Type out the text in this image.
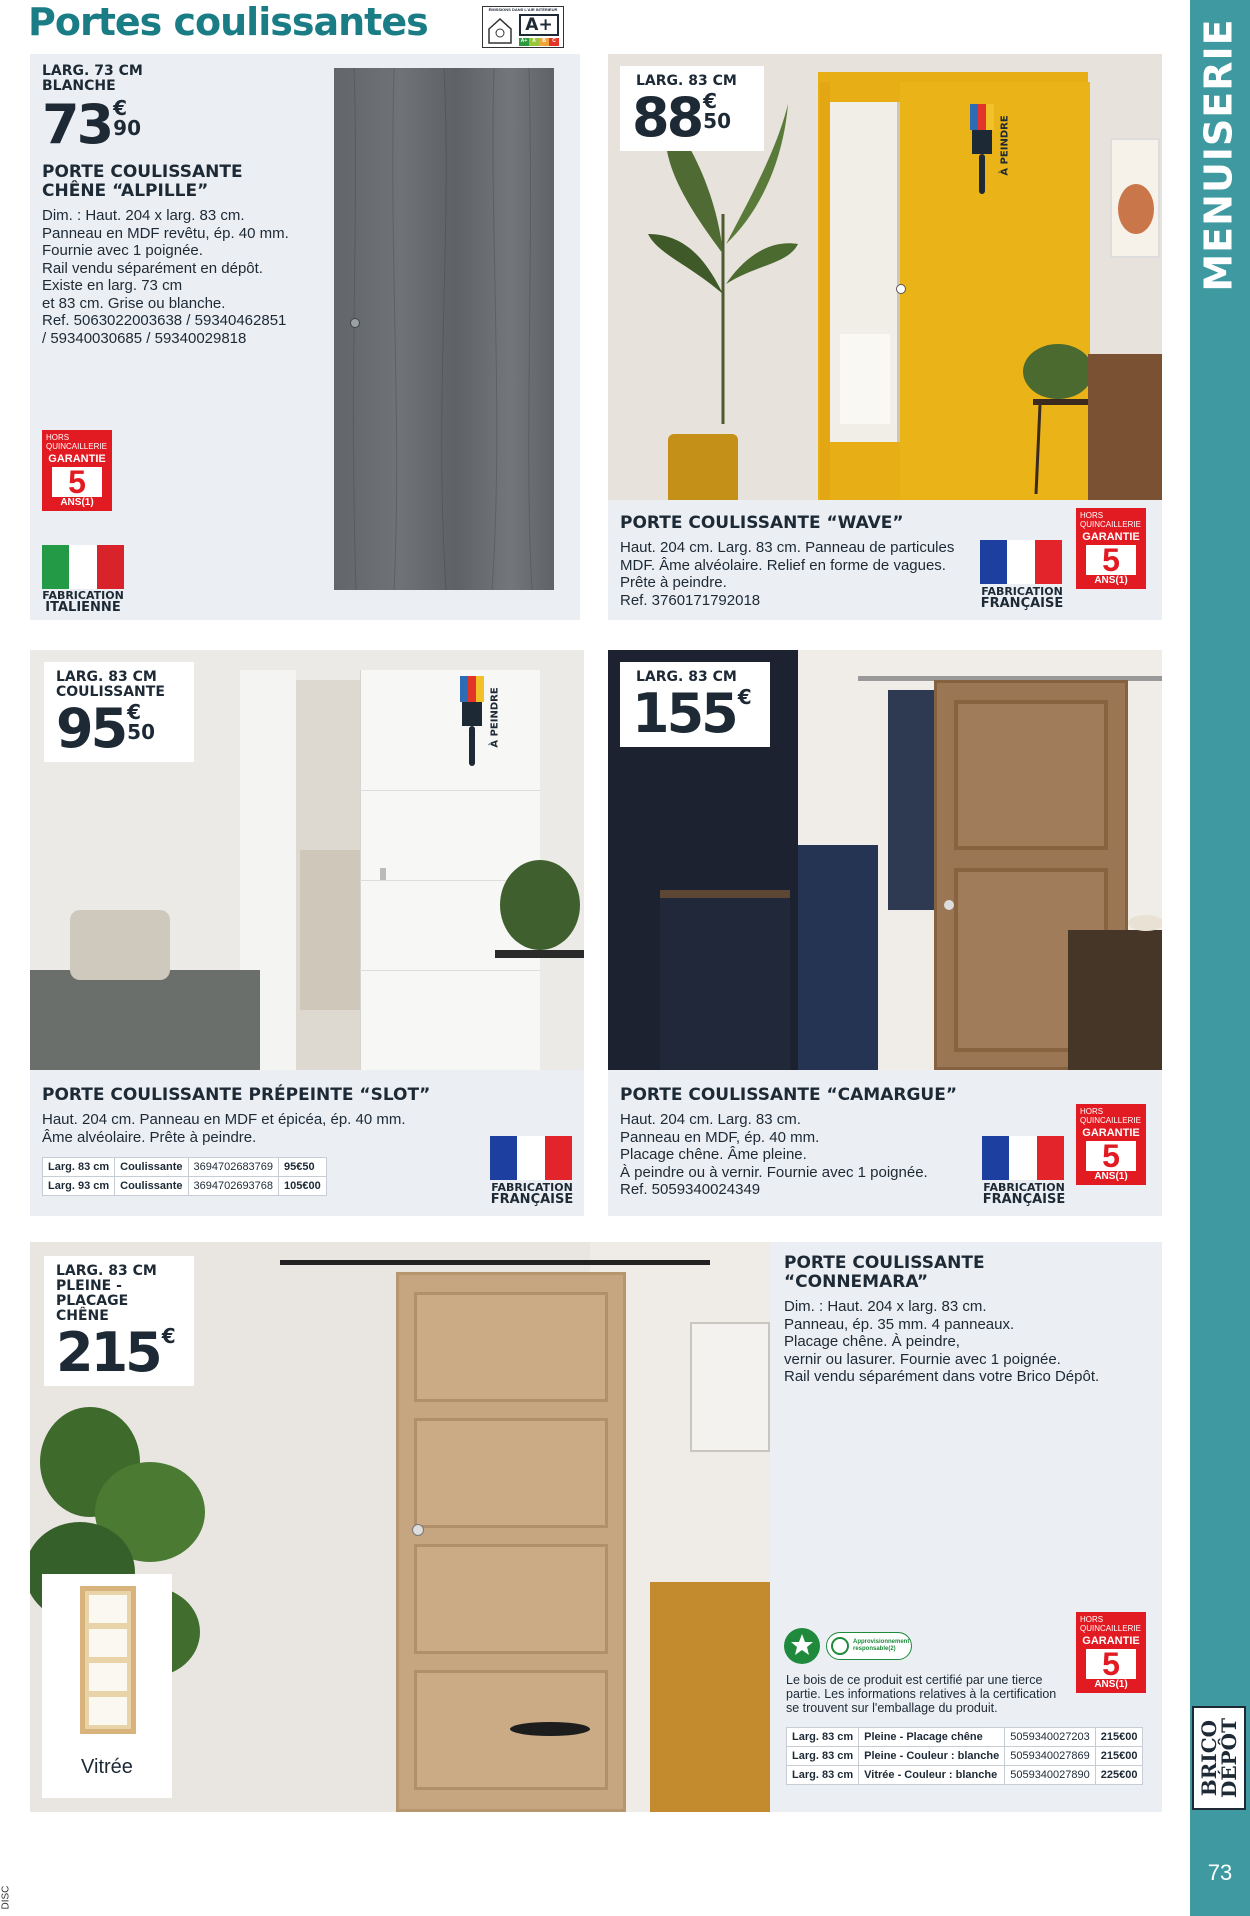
Portes coulissantes	ÉMISSIONS DANS L'AIR INTÉRIEUR
A+
A+ A	B	C	MENUISERIE
BRICO
DÉPÔT
73
DISC
LARG. 73 CM
BLANCHE
73 €
90
PORTE COULISSANTE
CHÊNE “ALPILLE”
Dim. : Haut. 204 x larg. 83 cm.
Panneau en MDF revêtu, ép. 40 mm.
Fournie avec 1 poignée.
Rail vendu séparément en dépôt.
Existe en larg. 73 cm
et 83 cm. Grise ou blanche.
Ref. 5063022003638 / 59340462851
/ 59340030685 / 59340029818
HORS QUINCAILLERIE
GARANTIE
5
ANS(1)
FABRICATION
ITALIENNE
LARG. 83 CM
88 €
50	À PEINDRE
PORTE COULISSANTE “WAVE”
Haut. 204 cm. Larg. 83 cm. Panneau de particules
MDF. Âme alvéolaire. Relief en forme de vagues.
Prête à peindre.
Ref. 3760171792018	FABRICATION
FRANÇAISE
HORS QUINCAILLERIE
GARANTIE
5
ANS(1)
LARG. 83 CM
COULISSANTE
95 €
50	À PEINDRE
PORTE COULISSANTE PRÉPEINTE “SLOT”
Haut. 204 cm. Panneau en MDF et épicéa, ép. 40 mm.
Âme alvéolaire. Prête à peindre.
Larg. 83 cm	Coulissante	3694702683769	95€50
Larg. 93 cm	Coulissante	3694702693768	105€00	FABRICATION
FRANÇAISE
LARG. 83 CM
155 €
PORTE COULISSANTE “CAMARGUE”
Haut. 204 cm. Larg. 83 cm.
Panneau en MDF, ép. 40 mm.
Placage chêne. Âme pleine.
À peindre ou à vernir. Fournie avec 1 poignée.
Ref. 5059340024349	FABRICATION
FRANÇAISE
HORS QUINCAILLERIE
GARANTIE
5
ANS(1)
LARG. 83 CM
PLEINE -
PLACAGE CHÊNE
215 €
Vitrée
PORTE COULISSANTE
“CONNEMARA”
Dim. : Haut. 204 x larg. 83 cm.
Panneau, ép. 35 mm. 4 panneaux.
Placage chêne. À peindre,
vernir ou lasurer. Fournie avec 1 poignée.
Rail vendu séparément dans votre Brico Dépôt.
Approvisionnement responsable(2)
Le bois de ce produit est certifié par une tierce
partie. Les informations relatives à la certification
se trouvent sur l'emballage du produit.
HORS QUINCAILLERIE
GARANTIE
5
ANS(1)
Larg. 83 cm	Pleine - Placage chêne	5059340027203	215€00
Larg. 83 cm	Pleine - Couleur : blanche	5059340027869	215€00
Larg. 83 cm	Vitrée - Couleur : blanche	5059340027890	225€00
